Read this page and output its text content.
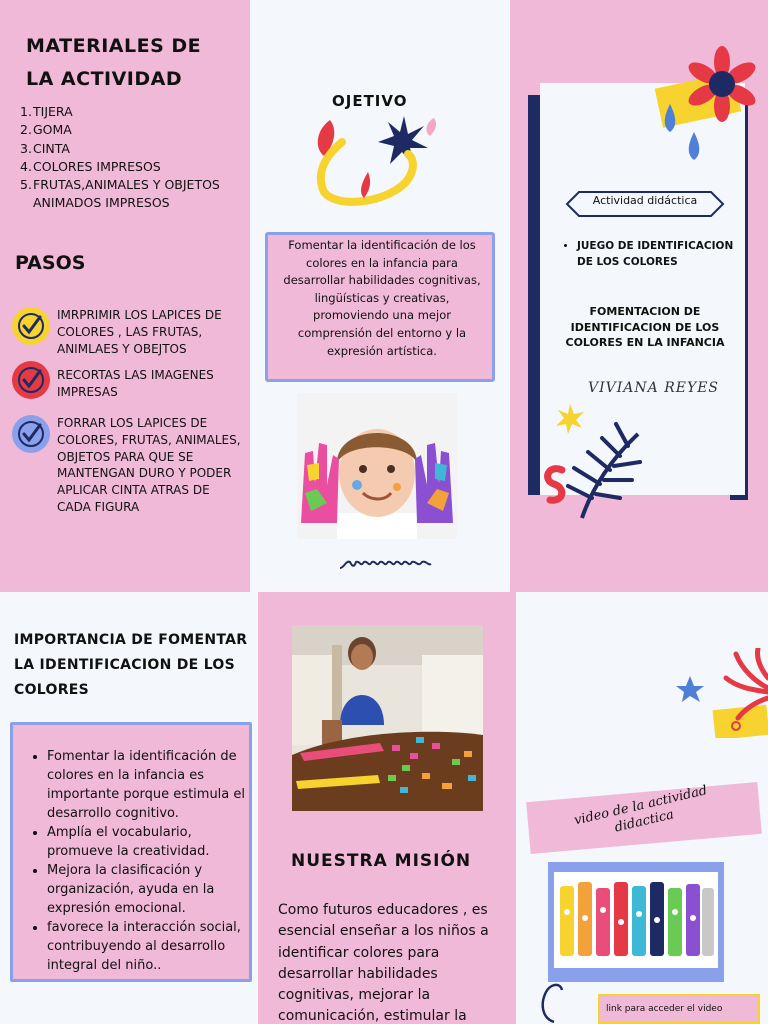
MATERIALES DE LA ACTIVIDAD
1. TIJERA
2. GOMA
3. CINTA
4. COLORES IMPRESOS
5. FRUTAS,ANIMALES Y OBJETOS ANIMADOS IMPRESOS
PASOS
IMRPRIMIR LOS LAPICES DE COLORES , LAS FRUTAS, ANIMLAES Y OBEJTOS
RECORTAS LAS IMAGENES IMPRESAS
FORRAR LOS LAPICES DE COLORES, FRUTAS, ANIMALES, OBJETOS PARA QUE SE MANTENGAN DURO Y PODER APLICAR CINTA ATRAS DE CADA FIGURA
OJETIVO

Fomentar la identificación de los colores en la infancia para desarrollar habilidades cognitivas, lingüísticas y creativas, promoviendo una mejor comprensión del entorno y la expresión artística.

Actividad didáctica
• JUEGO DE IDENTIFICACION DE LOS COLORES
FOMENTACION DE IDENTIFICACION DE LOS COLORES EN LA INFANCIA
VIVIANA REYES
IMPORTANCIA DE FOMENTAR LA IDENTIFICACION DE LOS COLORES
• Fomentar la identificación de colores en la infancia es importante porque estimula el desarrollo cognitivo.
• Amplía el vocabulario, promueve la creatividad.
• Mejora la clasificación y organización, ayuda en la expresión emocional.
• favorece la interacción social, contribuyendo al desarrollo integral del niño..
NUESTRA MISIÓN
Como futuros educadores , es esencial enseñar a los niños a identificar colores para desarrollar habilidades cognitivas, mejorar la comunicación, estimular la
video de la actividad didactica
link para acceder el video
